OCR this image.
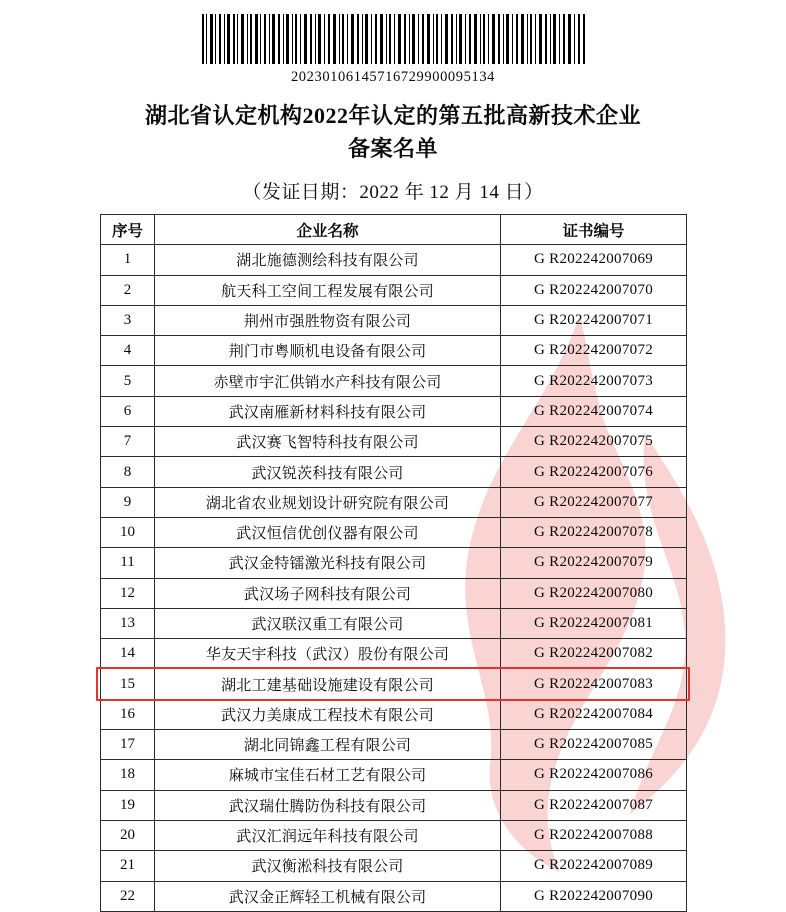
20230106145716729900095134
湖北省认定机构2022年认定的第五批高新技术企业
备案名单
（发证日期：2022 年 12 月 14 日）
序号	企业名称	证书编号
1	湖北施德测绘科技有限公司	G R202242007069
2	航天科工空间工程发展有限公司	G R202242007070
3	荆州市强胜物资有限公司	G R202242007071
4	荆门市粤顺机电设备有限公司	G R202242007072
5	赤壁市宇汇供销水产科技有限公司	G R202242007073
6	武汉南雁新材料科技有限公司	G R202242007074
7	武汉赛飞智特科技有限公司	G R202242007075
8	武汉锐茨科技有限公司	G R202242007076
9	湖北省农业规划设计研究院有限公司	G R202242007077
10	武汉恒信优创仪器有限公司	G R202242007078
11	武汉金特镭激光科技有限公司	G R202242007079
12	武汉场子网科技有限公司	G R202242007080
13	武汉联汉重工有限公司	G R202242007081
14	华友天宇科技（武汉）股份有限公司	G R202242007082
15	湖北工建基础设施建设有限公司	G R202242007083
16	武汉力美康成工程技术有限公司	G R202242007084
17	湖北同锦鑫工程有限公司	G R202242007085
18	麻城市宝佳石材工艺有限公司	G R202242007086
19	武汉瑞仕腾防伪科技有限公司	G R202242007087
20	武汉汇润远年科技有限公司	G R202242007088
21	武汉衡淞科技有限公司	G R202242007089
22	武汉金正辉轻工机械有限公司	G R202242007090
